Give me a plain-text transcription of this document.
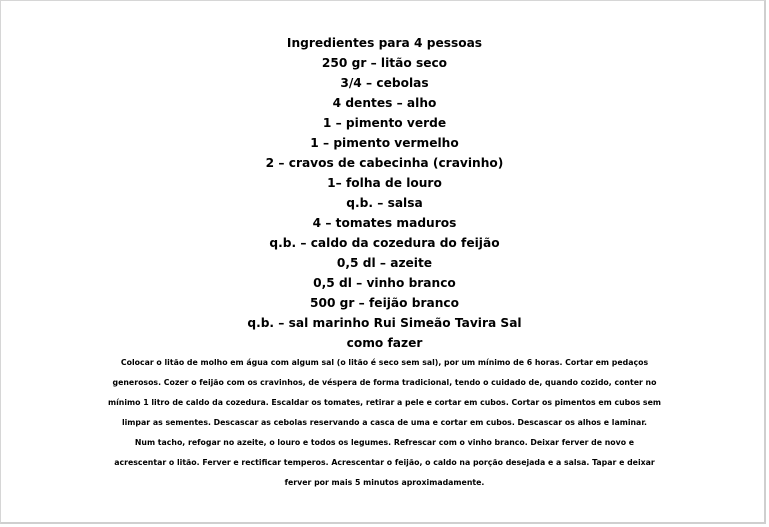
Ingredientes para 4 pessoas
250 gr – litão seco
3/4 – cebolas
4 dentes – alho
1 – pimento verde
1 – pimento vermelho
2 – cravos de cabecinha (cravinho)
1– folha de louro
q.b. – salsa
4 – tomates maduros
q.b. – caldo da cozedura do feijão
0,5 dl – azeite
0,5 dl – vinho branco
500 gr – feijão branco
q.b. – sal marinho Rui Simeão Tavira Sal
como fazer
Colocar o litão de molho em água com algum sal (o litão é seco sem sal), por um mínimo de 6 horas. Cortar em pedaços
generosos. Cozer o feijão com os cravinhos, de véspera de forma tradicional, tendo o cuidado de, quando cozido, conter no
mínimo 1 litro de caldo da cozedura. Escaldar os tomates, retirar a pele e cortar em cubos. Cortar os pimentos em cubos sem
limpar as sementes. Descascar as cebolas reservando a casca de uma e cortar em cubos. Descascar os alhos e laminar.
Num tacho, refogar no azeite, o louro e todos os legumes. Refrescar com o vinho branco. Deixar ferver de novo e
acrescentar o litão. Ferver e rectificar temperos. Acrescentar o feijão, o caldo na porção desejada e a salsa. Tapar e deixar
ferver por mais 5 minutos aproximadamente.
